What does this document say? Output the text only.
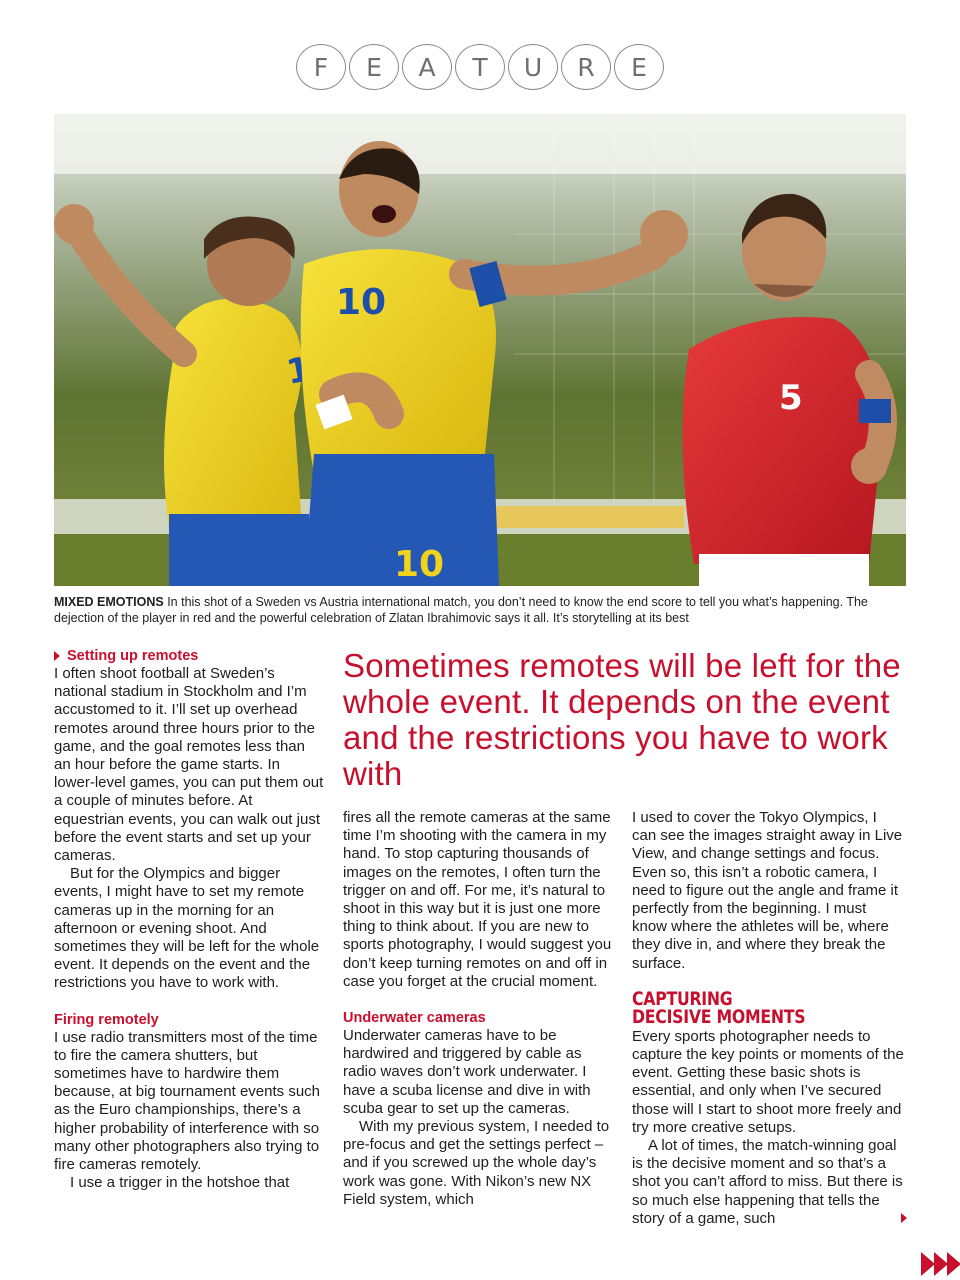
F	E	A	T	U	R	E
10
10
5
MIXED EMOTIONS In this shot of a Sweden vs Austria international match, you don’t need to know the end score to tell you what’s happening. The dejection of the player in red and the powerful celebration of Zlatan Ibrahimovic says it all. It’s storytelling at its best
Setting up remotes

I often shoot football at Sweden’s national stadium in Stockholm and I’m accustomed to it. I’ll set up overhead remotes around three hours prior to the game, and the goal remotes less than an hour before the game starts. In lower-level games, you can put them out a couple of minutes before. At equestrian events, you can walk out just before the event starts and set up your cameras.

But for the Olympics and bigger events, I might have to set my remote cameras up in the morning for an afternoon or evening shoot. And sometimes they will be left for the whole event. It depends on the event and the restrictions you have to work with.

Firing remotely

I use radio transmitters most of the time to fire the camera shutters, but sometimes have to hardwire them because, at big tournament events such as the Euro championships, there’s a higher probability of interference with so many other photographers also trying to fire cameras remotely.

I use a trigger in the hotshoe that

Sometimes remotes will be left for the whole event. It depends on the event and the restrictions you have to work with

fires all the remote cameras at the same time I’m shooting with the camera in my hand. To stop capturing thousands of images on the remotes, I often turn the trigger on and off. For me, it’s natural to shoot in this way but it is just one more thing to think about. If you are new to sports photography, I would suggest you don’t keep turning remotes on and off in case you forget at the crucial moment.

Underwater cameras

Underwater cameras have to be hardwired and triggered by cable as radio waves don’t work underwater. I have a scuba license and dive in with scuba gear to set up the cameras.

With my previous system, I needed to pre-focus and get the settings perfect – and if you screwed up the whole day’s work was gone. With Nikon’s new NX Field system, which

I used to cover the Tokyo Olympics, I can see the images straight away in Live View, and change settings and focus. Even so, this isn’t a robotic camera, I need to figure out the angle and frame it perfectly from the beginning. I must know where the athletes will be, where they dive in, and where they break the surface.

CAPTURING
DECISIVE MOMENTS

Every sports photographer needs to capture the key points or moments of the event. Getting these basic shots is essential, and only when I’ve secured those will I start to shoot more freely and try more creative setups.

A lot of times, the match-winning goal is the decisive moment and so that’s a shot you can’t afford to miss. But there is so much else happening that tells the story of a game, such
